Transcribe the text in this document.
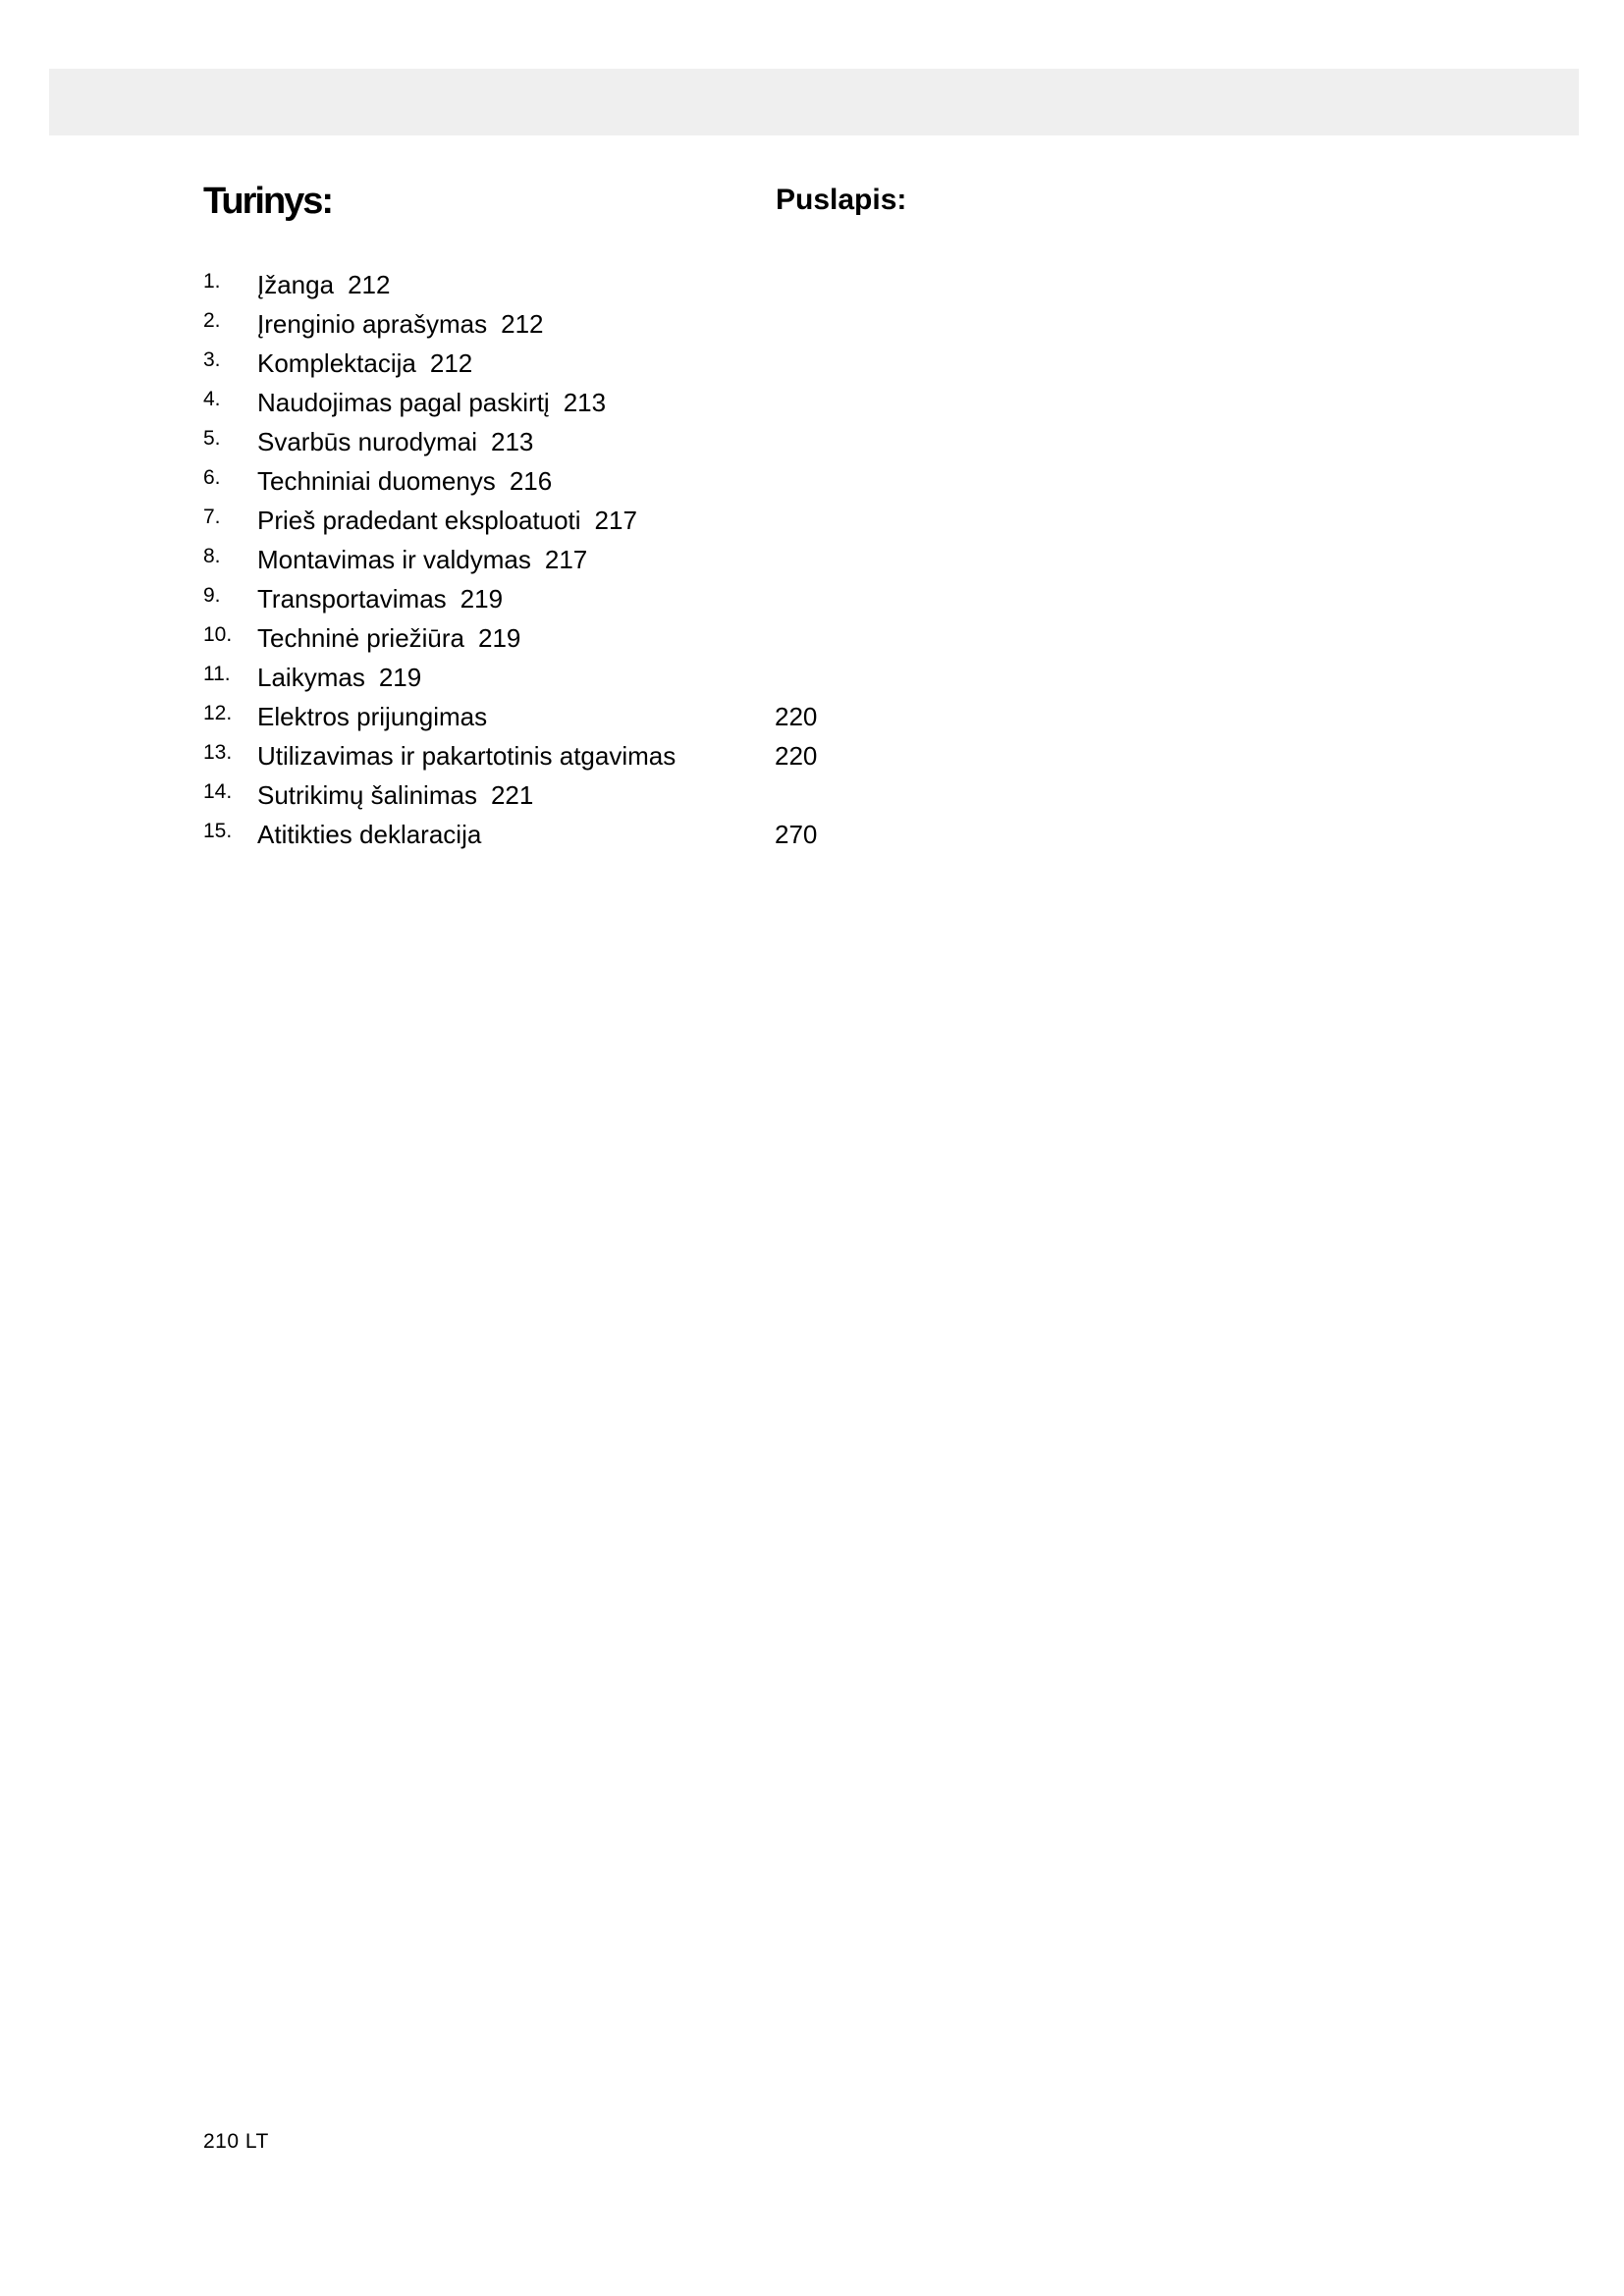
Turinys:	Puslapis:
1. Įžanga 212
2. Įrenginio aprašymas 212
3. Komplektacija 212
4. Naudojimas pagal paskirtį 213
5. Svarbūs nurodymai 213
6. Techniniai duomenys 216
7. Prieš pradedant eksploatuoti 217
8. Montavimas ir valdymas 217
9. Transportavimas 219
10. Techninė priežiūra 219
11. Laikymas 219
12. Elektros prijungimas	220
13. Utilizavimas ir pakartotinis atgavimas	220
14. Sutrikimų šalinimas 221
15. Atitikties deklaracija	270
210 LT
